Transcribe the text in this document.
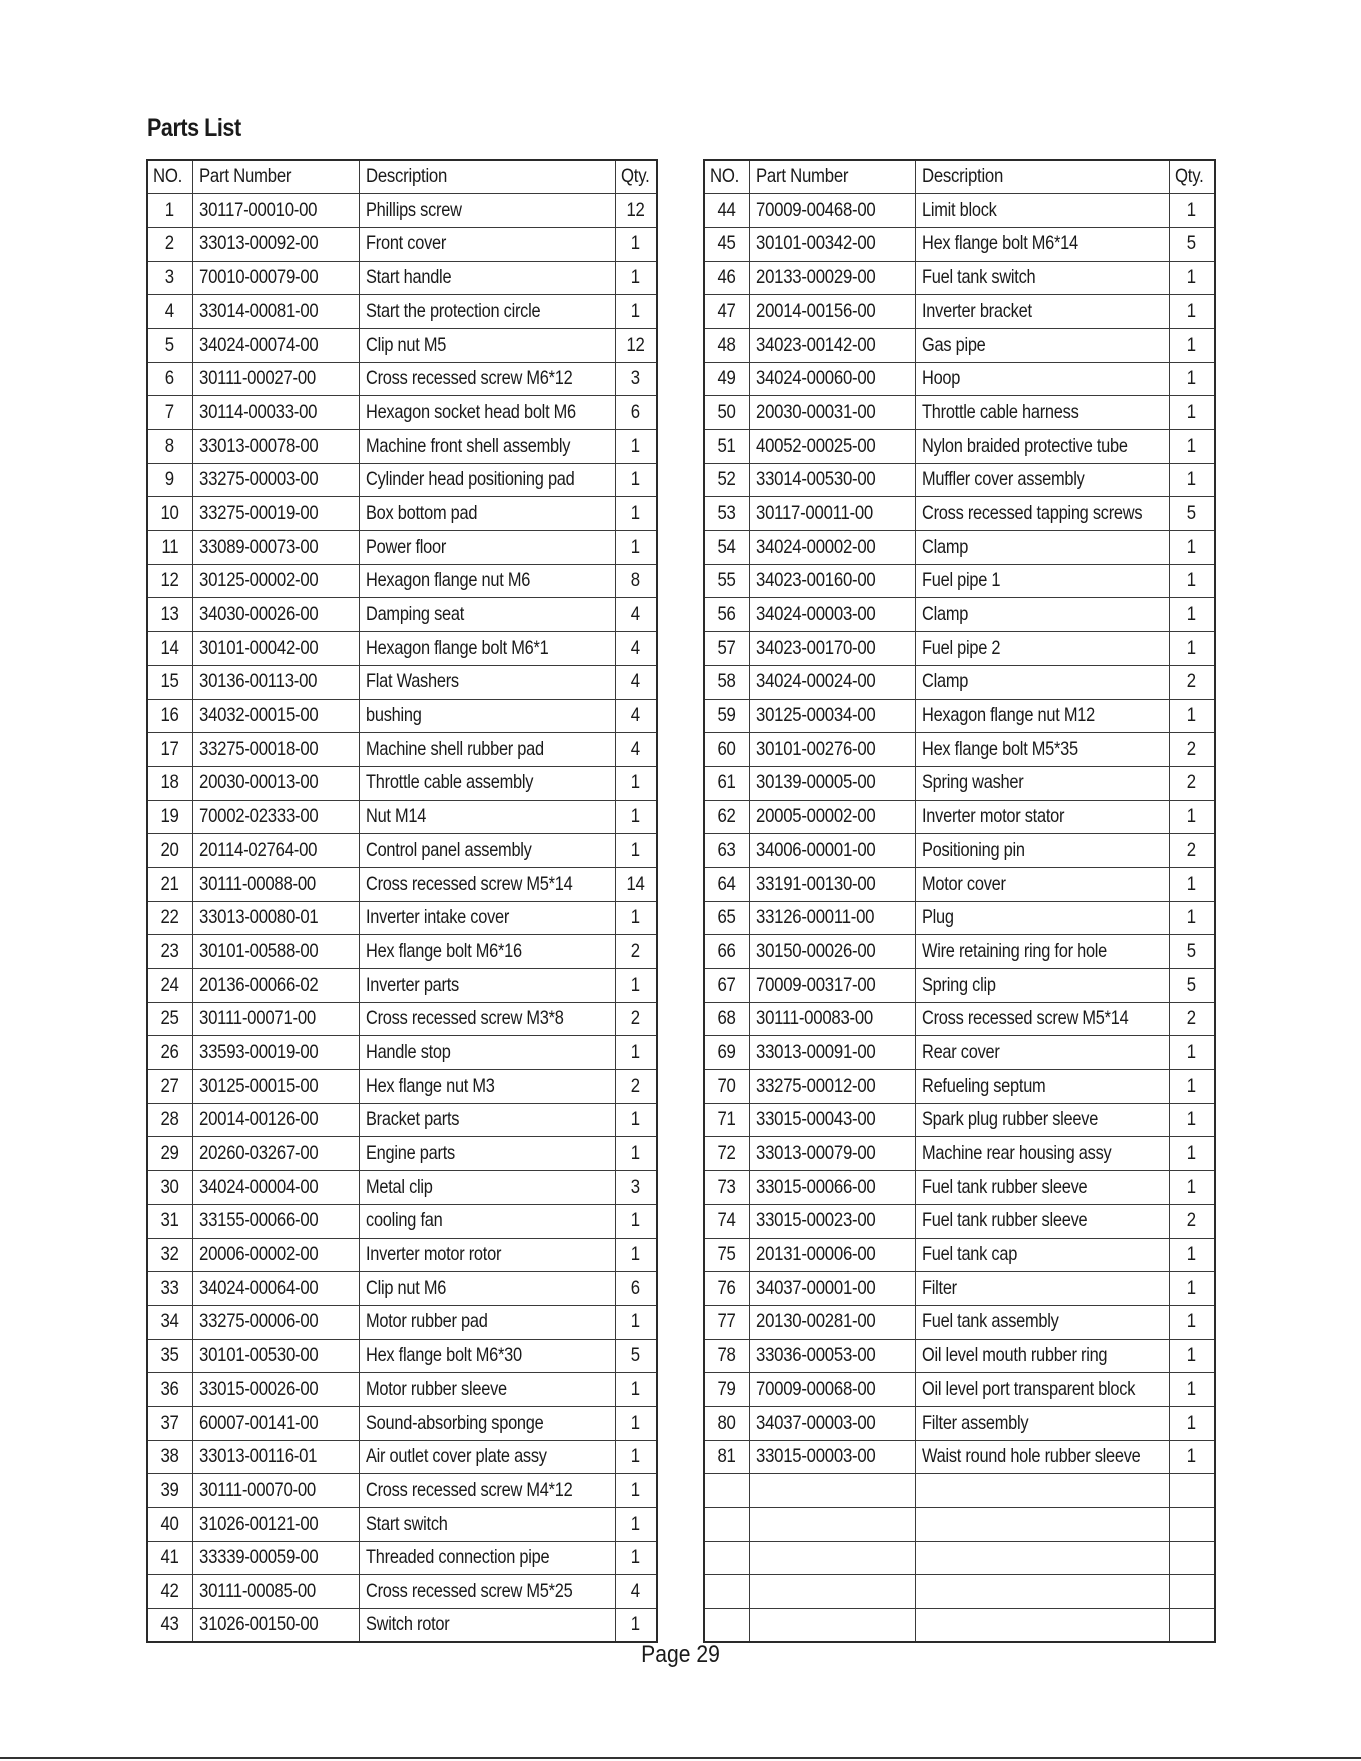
Parts List
NO.	Part Number	Description	Qty.
1	30117-00010-00	Phillips screw	12
2	33013-00092-00	Front cover	1
3	70010-00079-00	Start handle	1
4	33014-00081-00	Start the protection circle	1
5	34024-00074-00	Clip nut M5	12
6	30111-00027-00	Cross recessed screw M6*12	3
7	30114-00033-00	Hexagon socket head bolt M6	6
8	33013-00078-00	Machine front shell assembly	1
9	33275-00003-00	Cylinder head positioning pad	1
10	33275-00019-00	Box bottom pad	1
11	33089-00073-00	Power floor	1
12	30125-00002-00	Hexagon flange nut M6	8
13	34030-00026-00	Damping seat	4
14	30101-00042-00	Hexagon flange bolt M6*1	4
15	30136-00113-00	Flat Washers	4
16	34032-00015-00	bushing	4
17	33275-00018-00	Machine shell rubber pad	4
18	20030-00013-00	Throttle cable assembly	1
19	70002-02333-00	Nut M14	1
20	20114-02764-00	Control panel assembly	1
21	30111-00088-00	Cross recessed screw M5*14	14
22	33013-00080-01	Inverter intake cover	1
23	30101-00588-00	Hex flange bolt M6*16	2
24	20136-00066-02	Inverter parts	1
25	30111-00071-00	Cross recessed screw M3*8	2
26	33593-00019-00	Handle stop	1
27	30125-00015-00	Hex flange nut M3	2
28	20014-00126-00	Bracket parts	1
29	20260-03267-00	Engine parts	1
30	34024-00004-00	Metal clip	3
31	33155-00066-00	cooling fan	1
32	20006-00002-00	Inverter motor rotor	1
33	34024-00064-00	Clip nut M6	6
34	33275-00006-00	Motor rubber pad	1
35	30101-00530-00	Hex flange bolt M6*30	5
36	33015-00026-00	Motor rubber sleeve	1
37	60007-00141-00	Sound-absorbing sponge	1
38	33013-00116-01	Air outlet cover plate assy	1
39	30111-00070-00	Cross recessed screw M4*12	1
40	31026-00121-00	Start switch	1
41	33339-00059-00	Threaded connection pipe	1
42	30111-00085-00	Cross recessed screw M5*25	4
43	31026-00150-00	Switch rotor	1
NO.	Part Number	Description	Qty.
44	70009-00468-00	Limit block	1
45	30101-00342-00	Hex flange bolt M6*14	5
46	20133-00029-00	Fuel tank switch	1
47	20014-00156-00	Inverter bracket	1
48	34023-00142-00	Gas pipe	1
49	34024-00060-00	Hoop	1
50	20030-00031-00	Throttle cable harness	1
51	40052-00025-00	Nylon braided protective tube	1
52	33014-00530-00	Muffler cover assembly	1
53	30117-00011-00	Cross recessed tapping screws	5
54	34024-00002-00	Clamp	1
55	34023-00160-00	Fuel pipe 1	1
56	34024-00003-00	Clamp	1
57	34023-00170-00	Fuel pipe 2	1
58	34024-00024-00	Clamp	2
59	30125-00034-00	Hexagon flange nut M12	1
60	30101-00276-00	Hex flange bolt M5*35	2
61	30139-00005-00	Spring washer	2
62	20005-00002-00	Inverter motor stator	1
63	34006-00001-00	Positioning pin	2
64	33191-00130-00	Motor cover	1
65	33126-00011-00	Plug	1
66	30150-00026-00	Wire retaining ring for hole	5
67	70009-00317-00	Spring clip	5
68	30111-00083-00	Cross recessed screw M5*14	2
69	33013-00091-00	Rear cover	1
70	33275-00012-00	Refueling septum	1
71	33015-00043-00	Spark plug rubber sleeve	1
72	33013-00079-00	Machine rear housing assy	1
73	33015-00066-00	Fuel tank rubber sleeve	1
74	33015-00023-00	Fuel tank rubber sleeve	2
75	20131-00006-00	Fuel tank cap	1
76	34037-00001-00	Filter	1
77	20130-00281-00	Fuel tank assembly	1
78	33036-00053-00	Oil level mouth rubber ring	1
79	70009-00068-00	Oil level port transparent block	1
80	34037-00003-00	Filter assembly	1
81	33015-00003-00	Waist round hole rubber sleeve	1

Page 29
